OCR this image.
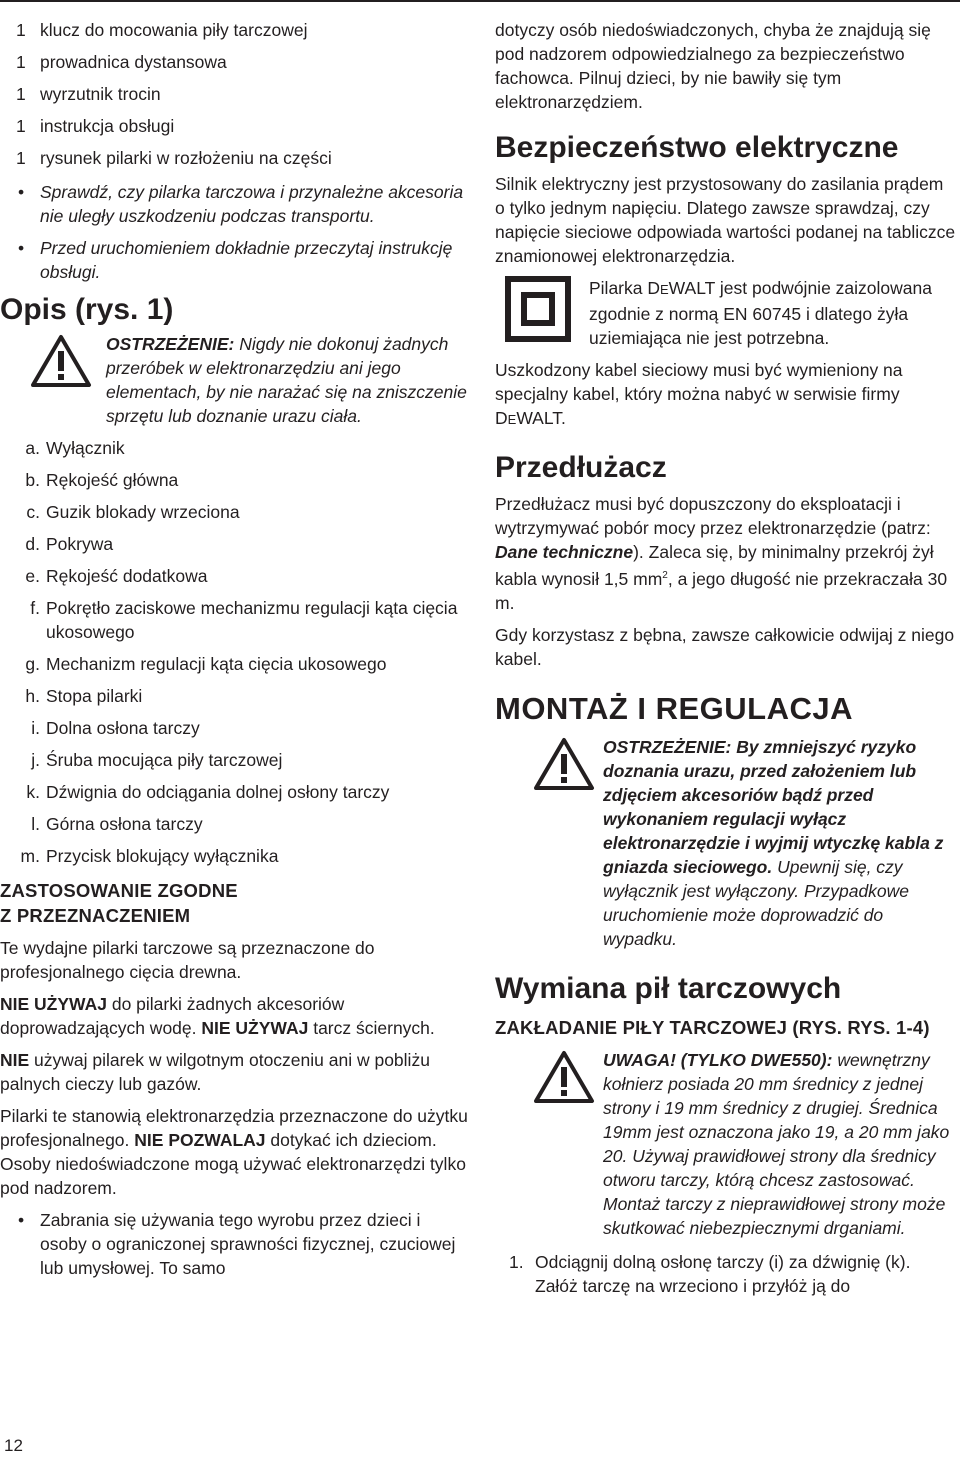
1 klucz do mocowania piły tarczowej
1 prowadnica dystansowa
1 wyrzutnik trocin
1 instrukcja obsługi
1 rysunek pilarki w rozłożeniu na części
• Sprawdź, czy pilarka tarczowa i przynależne akcesoria nie uległy uszkodzeniu podczas transportu.
• Przed uruchomieniem dokładnie przeczytaj instrukcję obsługi.
Opis (rys. 1)
OSTRZEŻENIE: Nigdy nie dokonuj żadnych przeróbek w elektronarzędziu ani jego elementach, by nie narażać się na zniszczenie sprzętu lub doznanie urazu ciała.
a. Wyłącznik
b. Rękojeść główna
c. Guzik blokady wrzeciona
d. Pokrywa
e. Rękojeść dodatkowa
f. Pokrętło zaciskowe mechanizmu regulacji kąta cięcia ukosowego
g. Mechanizm regulacji kąta cięcia ukosowego
h. Stopa pilarki
i. Dolna osłona tarczy
j. Śruba mocująca piły tarczowej
k. Dźwignia do odciągania dolnej osłony tarczy
l. Górna osłona tarczy
m. Przycisk blokujący wyłącznika
ZASTOSOWANIE ZGODNE
Z PRZEZNACZENIEM

Te wydajne pilarki tarczowe są przeznaczone do profesjonalnego cięcia drewna.

NIE UŻYWAJ do pilarki żadnych akcesoriów doprowadzających wodę. NIE UŻYWAJ tarcz ściernych.

NIE używaj pilarek w wilgotnym otoczeniu ani w pobliżu palnych cieczy lub gazów.

Pilarki te stanowią elektronarzędzia przeznaczone do użytku profesjonalnego. NIE POZWALAJ dotykać ich dzieciom. Osoby niedoświadczone mogą używać elektronarzędzi tylko pod nadzorem.

• Zabrania się używania tego wyrobu przez dzieci i osoby o ograniczonej sprawności fizycznej, czuciowej lub umysłowej. To samo
12

dotyczy osób niedoświadczonych, chyba że znajdują się pod nadzorem odpowiedzialnego za bezpieczeństwo fachowca. Pilnuj dzieci, by nie bawiły się tym elektronarzędziem.

Bezpieczeństwo elektryczne

Silnik elektryczny jest przystosowany do zasilania prądem o tylko jednym napięciu. Dlatego zawsze sprawdzaj, czy napięcie sieciowe odpowiada wartości podanej na tabliczce znamionowej elektronarzędzia.

Pilarka DEWALT jest podwójnie zaizolowana zgodnie z normą EN 60745 i dlatego żyła uziemiająca nie jest potrzebna.

Uszkodzony kabel sieciowy musi być wymieniony na specjalny kabel, który można nabyć w serwisie firmy DEWALT.

Przedłużacz

Przedłużacz musi być dopuszczony do eksploatacji i wytrzymywać pobór mocy przez elektronarzędzie (patrz: Dane techniczne). Zaleca się, by minimalny przekrój żył kabla wynosił 1,5 $mm^2$, a jego długość nie przekraczała 30 m.

Gdy korzystasz z bębna, zawsze całkowicie odwijaj z niego kabel.

MONTAŻ I REGULACJA
OSTRZEŻENIE: By zmniejszyć ryzyko doznania urazu, przed założeniem lub zdjęciem akcesoriów bądź przed wykonaniem regulacji wyłącz elektronarzędzie i wyjmij wtyczkę kabla z gniazda sieciowego. Upewnij się, czy wyłącznik jest wyłączony. Przypadkowe uruchomienie może doprowadzić do wypadku.
Wymiana pił tarczowych
ZAKŁADANIE PIŁY TARCZOWEJ (RYS. RYS. 1-4)
UWAGA! (TYLKO DWE550): wewnętrzny kołnierz posiada 20 mm średnicy z jednej strony i 19 mm średnicy z drugiej. Średnica 19mm jest oznaczona jako 19, a 20 mm jako 20. Używaj prawidłowej strony dla średnicy otworu tarczy, którą chcesz zastosować. Montaż tarczy z nieprawidłowej strony może skutkować niebezpiecznymi drganiami.
1. Odciągnij dolną osłonę tarczy (i) za dźwignię (k). Załóż tarczę na wrzeciono i przyłóż ją do
